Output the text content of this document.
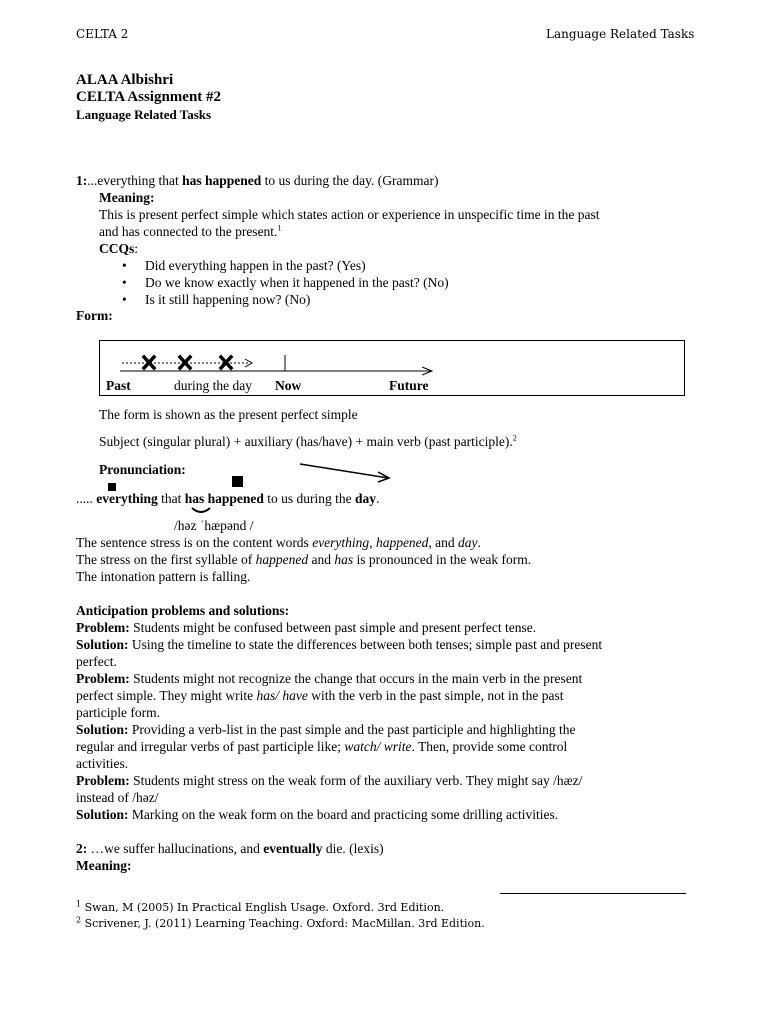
CELTA 2	Language Related Tasks
ALAA Albishri
CELTA Assignment #2
Language Related Tasks
1:...everything that has happened to us during the day. (Grammar)
Meaning:
This is present perfect simple which states action or experience in unspecific time in the past
and has connected to the present.$^1$
CCQs:
• Did everything happen in the past? (Yes)
• Do we know exactly when it happened in the past? (No)
• Is it still happening now? (No)
Form:
Past	during the day Now	Future
The form is shown as the present perfect simple
Subject (singular plural) + auxiliary (has/have) + main verb (past participle).$^2$
Pronunciation:
..... everything that has happened to us during the day.
/həz ˈhæpənd /
The sentence stress is on the content words everything, happened, and day.
The stress on the first syllable of happened and has is pronounced in the weak form.
The intonation pattern is falling.
Anticipation problems and solutions:
Problem: Students might be confused between past simple and present perfect tense.
Solution: Using the timeline to state the differences between both tenses; simple past and present
perfect.
Problem: Students might not recognize the change that occurs in the main verb in the present
perfect simple. They might write has/ have with the verb in the past simple, not in the past
participle form.
Solution: Providing a verb-list in the past simple and the past participle and highlighting the
regular and irregular verbs of past participle like; watch/ write. Then, provide some control
activities.
Problem: Students might stress on the weak form of the auxiliary verb. They might say /hæz/
instead of /həz/
Solution: Marking on the weak form on the board and practicing some drilling activities.
2: …we suffer hallucinations, and eventually die. (lexis)
Meaning:
$^1$ Swan, M (2005) In Practical English Usage. Oxford. 3rd Edition.
$^2$ Scrivener, J. (2011) Learning Teaching. Oxford: MacMillan. 3rd Edition.
